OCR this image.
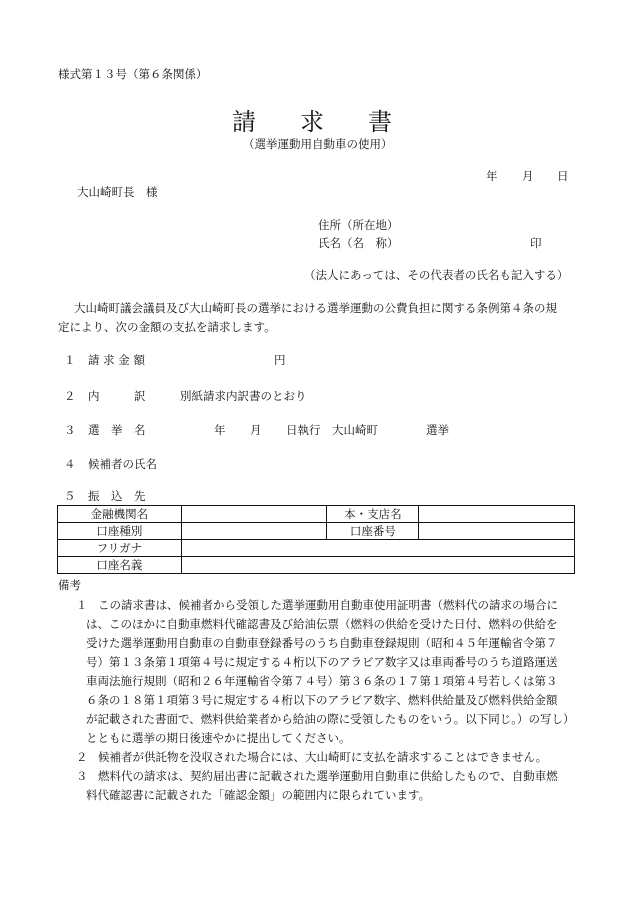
様式第１３号（第６条関係）
請 求 書
（選挙運動用自動車の使用）
年 月 日
大山崎町長　様
住所（所在地）
氏名（名　称）	印
（法人にあっては、その代表者の氏名も記入する）
大山崎町議会議員及び大山崎町長の選挙における選挙運動の公費負担に関する条例第４条の規
定により、次の金額の支払を請求します。
１ 請 求 金 額	円
２ 内　　　訳	別紙請求内訳書のとおり
３ 選　挙　名	年 月 日執行　大山崎町	選挙
４ 候補者の氏名
５ 振　込　先
金融機関名		本・支店名	
口座種別		口座番号	
フリガナ			
口座名義			
備考
１ この請求書は、候補者から受領した選挙運動用自動車使用証明書（燃料代の請求の場合に
は、このほかに自動車燃料代確認書及び給油伝票（燃料の供給を受けた日付、燃料の供給を
受けた選挙運動用自動車の自動車登録番号のうち自動車登録規則（昭和４５年運輸省令第７
号）第１３条第１項第４号に規定する４桁以下のアラビア数字又は車両番号のうち道路運送
車両法施行規則（昭和２６年運輸省令第７４号）第３６条の１７第１項第４号若しくは第３
６条の１８第１項第３号に規定する４桁以下のアラビア数字、燃料供給量及び燃料供給金額
が記載された書面で、燃料供給業者から給油の際に受領したものをいう。以下同じ。）の写し）
とともに選挙の期日後速やかに提出してください。
２ 候補者が供託物を没収された場合には、大山崎町に支払を請求することはできません。
３ 燃料代の請求は、契約届出書に記載された選挙運動用自動車に供給したもので、自動車燃
料代確認書に記載された「確認金額」の範囲内に限られています。
